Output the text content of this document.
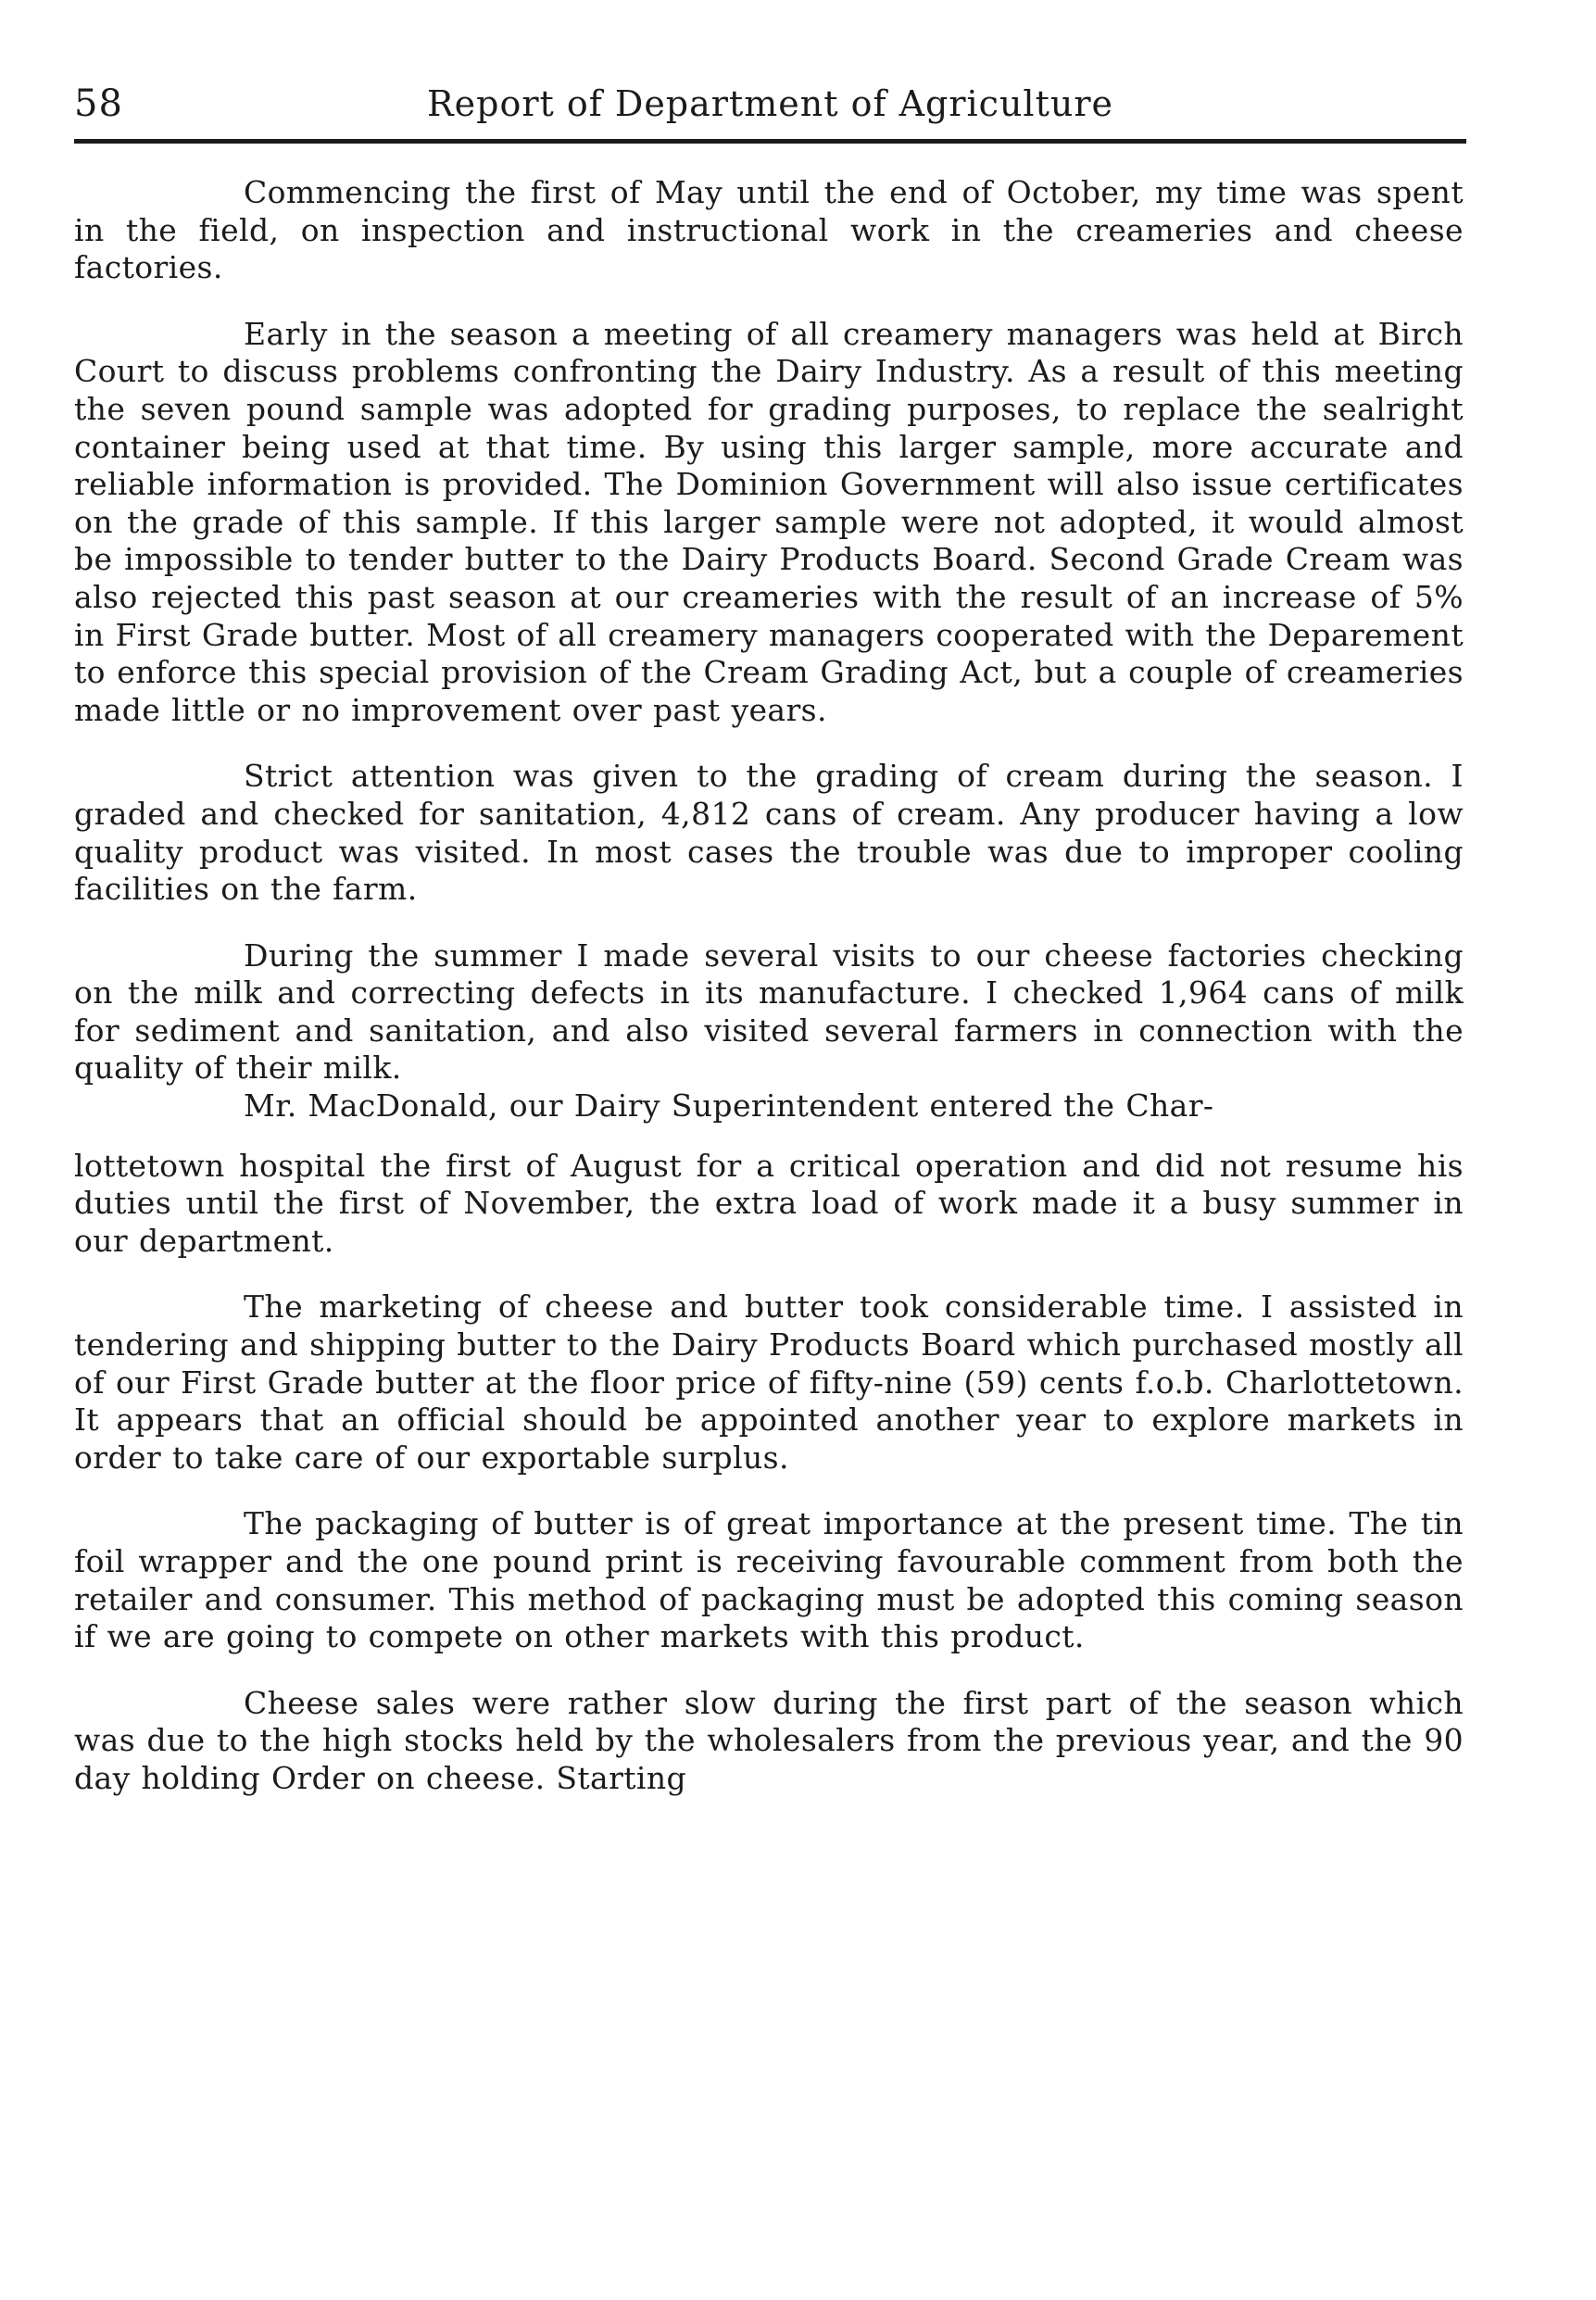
58	Report of Department of Agriculture

Commencing the first of May until the end of October, my time was spent in the field, on inspection and instructional work in the creameries and cheese factories.

Early in the season a meeting of all creamery managers was held at Birch Court to discuss problems confronting the Dairy Industry. As a result of this meeting the seven pound sample was adopted for grading purposes, to replace the sealright container being used at that time. By using this larger sample, more accurate and reliable information is provided. The Dominion Government will also issue certificates on the grade of this sample. If this larger sample were not adopted, it would almost be impossible to tender butter to the Dairy Products Board. Second Grade Cream was also rejected this past season at our creameries with the result of an increase of 5% in First Grade butter. Most of all creamery managers cooperated with the Deparement to enforce this special provision of the Cream Grading Act, but a couple of creameries made little or no improvement over past years.

Strict attention was given to the grading of cream during the season. I graded and checked for sanitation, 4,812 cans of cream. Any producer having a low quality product was visited. In most cases the trouble was due to improper cooling facilities on the farm.

During the summer I made several visits to our cheese factories checking on the milk and correcting defects in its manufacture. I checked 1,964 cans of milk for sediment and sanitation, and also visited several farmers in connection with the quality of their milk.

Mr. MacDonald, our Dairy Superintendent entered the Char-

lottetown hospital the first of August for a critical operation and did not resume his duties until the first of November, the extra load of work made it a busy summer in our department.

The marketing of cheese and butter took considerable time. I assisted in tendering and shipping butter to the Dairy Products Board which purchased mostly all of our First Grade butter at the floor price of fifty-nine (59) cents f.o.b. Charlottetown. It appears that an official should be appointed another year to explore markets in order to take care of our exportable surplus.

The packaging of butter is of great importance at the present time. The tin foil wrapper and the one pound print is receiving favourable comment from both the retailer and consumer. This method of packaging must be adopted this coming season if we are going to compete on other markets with this product.

Cheese sales were rather slow during the first part of the season which was due to the high stocks held by the wholesalers from the previous year, and the 90 day holding Order on cheese. Starting
